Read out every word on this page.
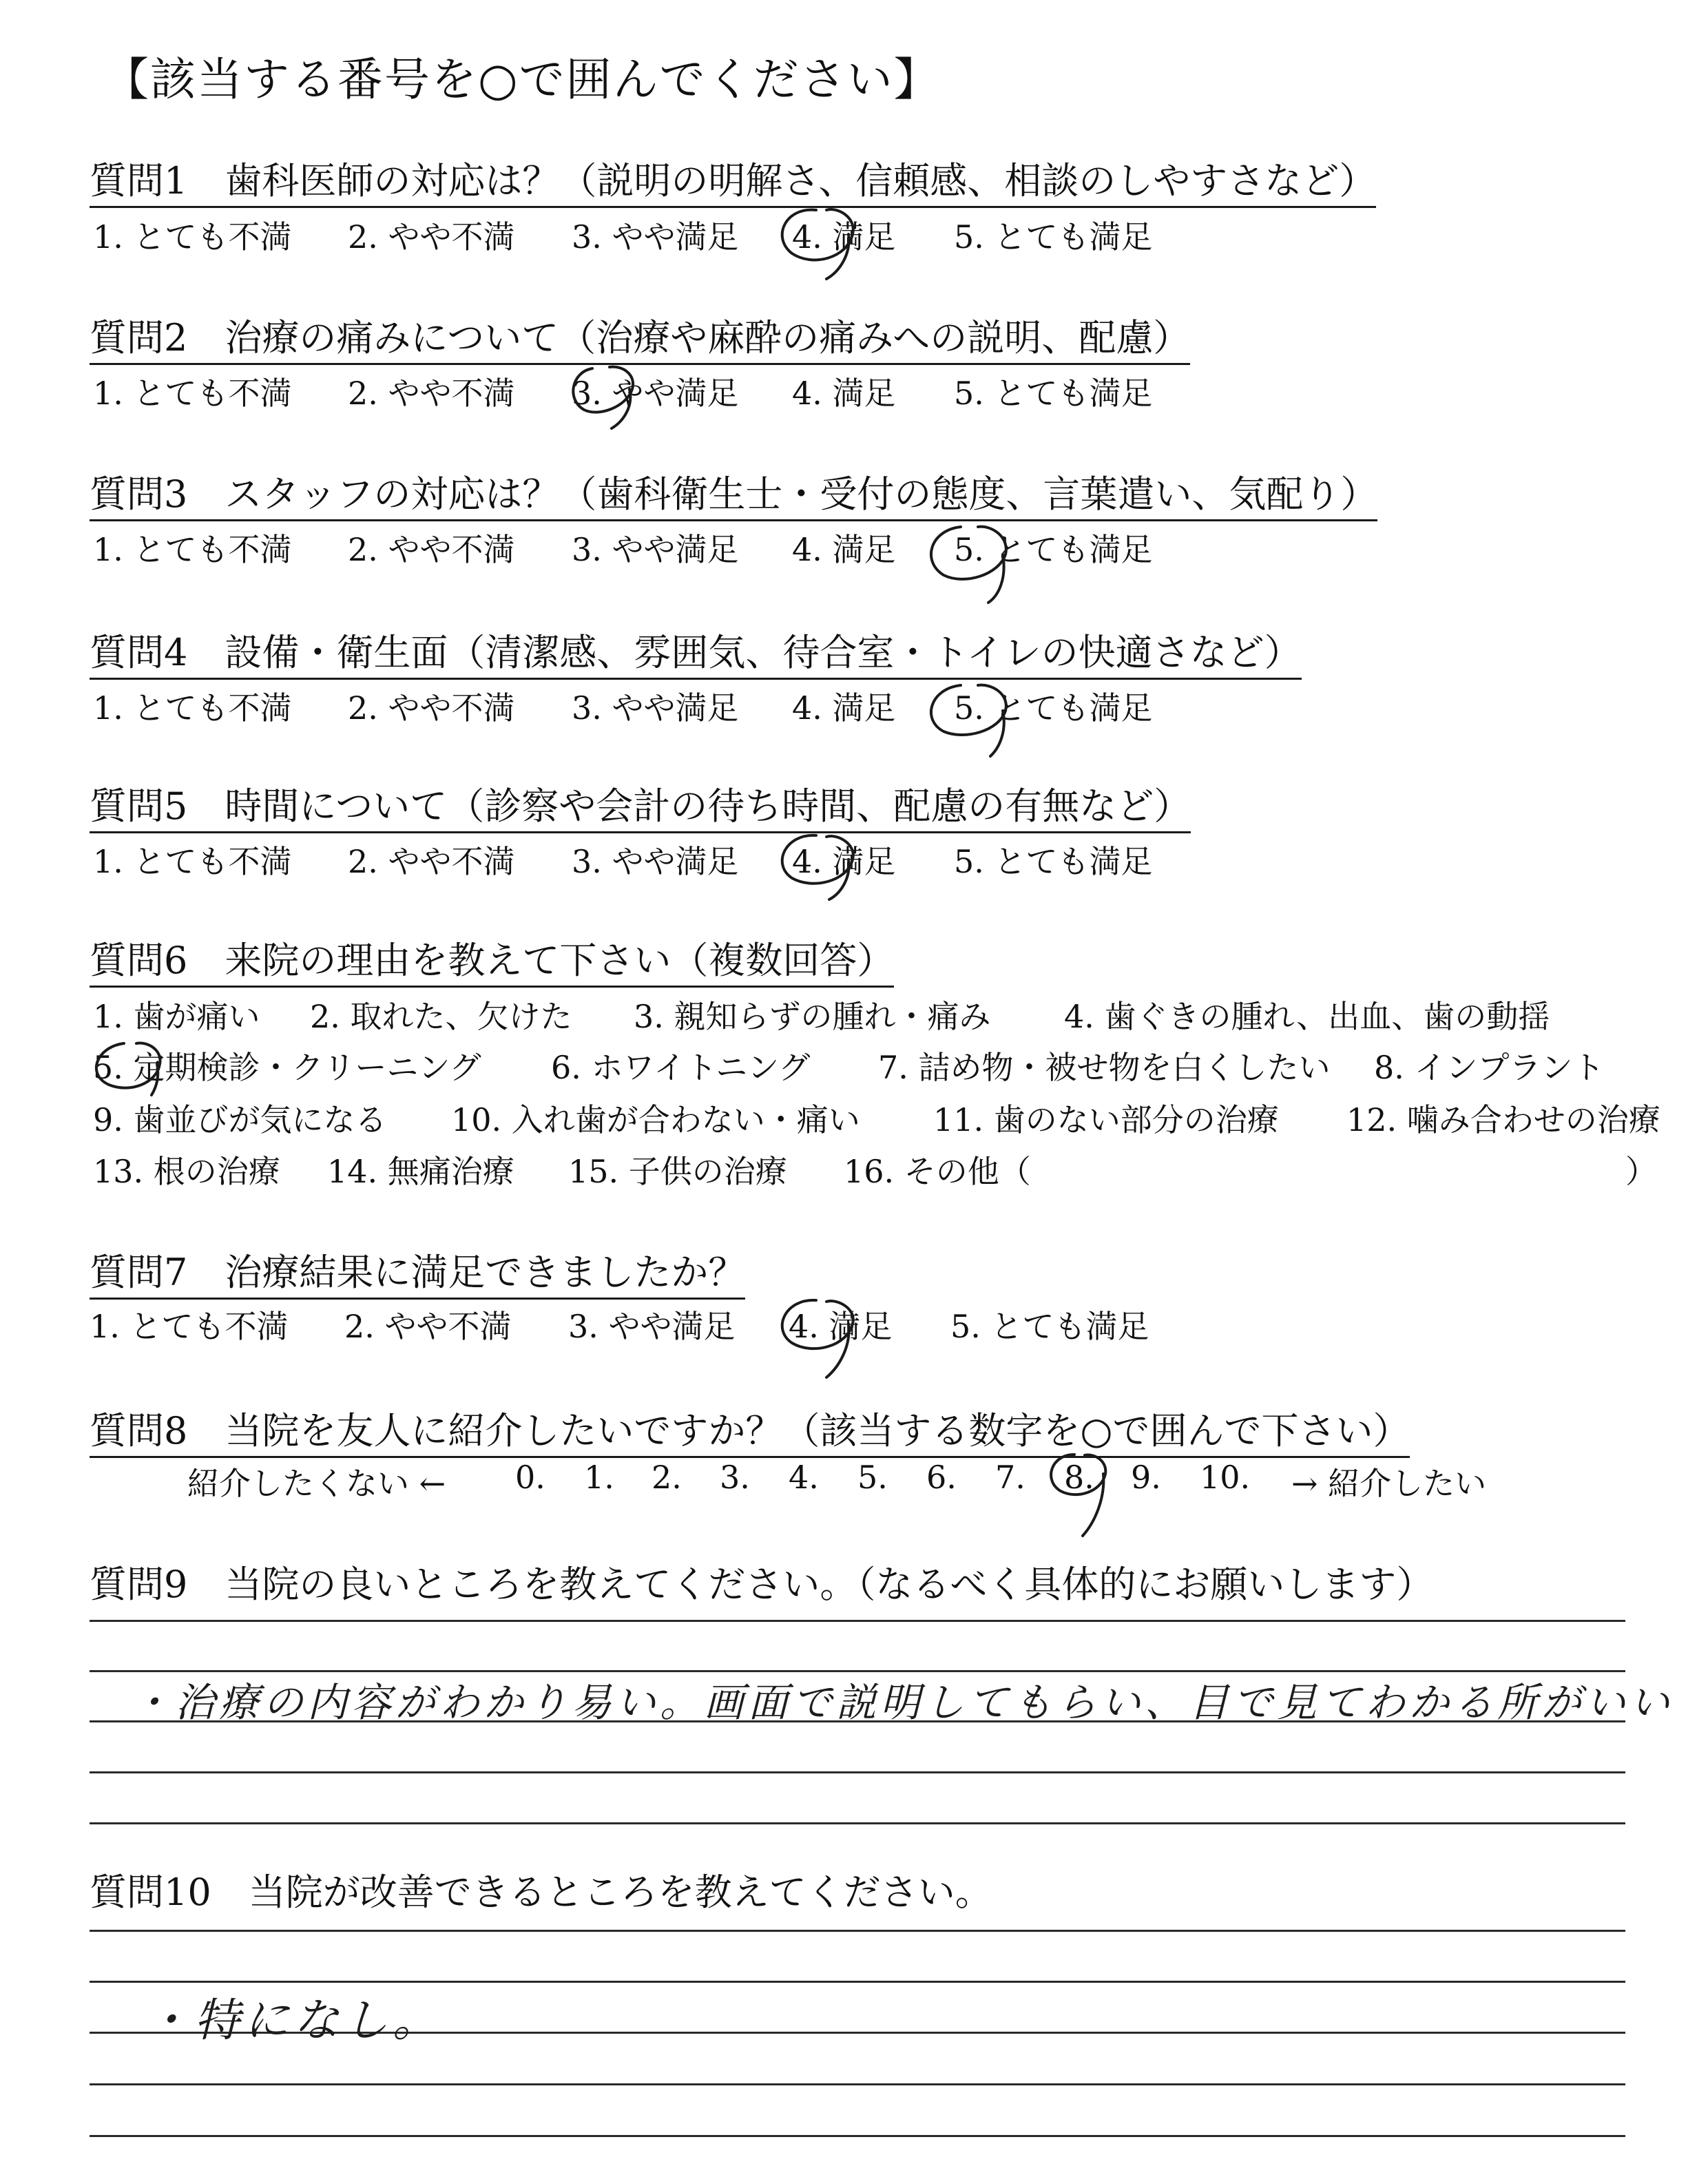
【該当する番号を○で囲んでください】
質問1　歯科医師の対応は？（説明の明解さ、信頼感、相談のしやすさなど）
1. とても不満 2. やや不満 3. やや満足 4. 満足 5. とても満足
質問2　治療の痛みについて（治療や麻酔の痛みへの説明、配慮）
1. とても不満 2. やや不満 3. やや満足 4. 満足 5. とても満足
質問3　スタッフの対応は？（歯科衛生士・受付の態度、言葉遣い、気配り）
1. とても不満 2. やや不満 3. やや満足 4. 満足 5. とても満足
質問4　設備・衛生面（清潔感、雰囲気、待合室・トイレの快適さなど）
1. とても不満 2. やや不満 3. やや満足 4. 満足 5. とても満足
質問5　時間について（診察や会計の待ち時間、配慮の有無など）
1. とても不満 2. やや不満 3. やや満足 4. 満足 5. とても満足
質問6　来院の理由を教えて下さい（複数回答）
1. 歯が痛い 2. 取れた、欠けた 3. 親知らずの腫れ・痛み 4. 歯ぐきの腫れ、出血、歯の動揺
5. 定期検診・クリーニング 6. ホワイトニング 7. 詰め物・被せ物を白くしたい 8. インプラント
9. 歯並びが気になる 10. 入れ歯が合わない・痛い 11. 歯のない部分の治療 12. 噛み合わせの治療
13. 根の治療 14. 無痛治療 15. 子供の治療 16. その他（	）
質問7　治療結果に満足できましたか？
1. とても不満 2. やや不満 3. やや満足 4. 満足 5. とても満足
質問8　当院を友人に紹介したいですか？（該当する数字を○で囲んで下さい）
紹介したくない ← 0. 1. 2. 3. 4. 5. 6. 7. 8. 9. 10. → 紹介したい
質問9　当院の良いところを教えてください。（なるべく具体的にお願いします）
・治療の内容がわかり易い。画面で説明してもらい、目で見てわかる所がいい
質問10　当院が改善できるところを教えてください。
・特になし。
